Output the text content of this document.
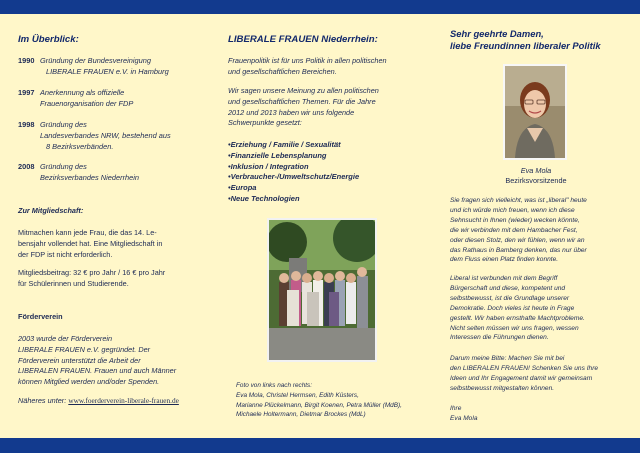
Im Überblick:
1990 Gründung der Bundesvereinigung
LIBERALE FRAUEN e.V. in Hamburg
1997 Anerkennung als offizielle
Frauenorganisation der FDP
1998 Gründung des
Landesverbandes NRW, bestehend aus
8 Bezirksverbänden.
2008 Gründung des
Bezirksverbandes Niederrhein

Zur Mitgliedschaft:

Mitmachen kann jede Frau, die das 14. Le-
bensjahr vollendet hat. Eine Mitgliedschaft in
der FDP ist nicht erforderlich.

Mitgliedsbeitrag: 32 € pro Jahr / 16 € pro Jahr
für Schülerinnen und Studierende.

Förderverein

2003 wurde der Förderverein
LIBERALE FRAUEN e.V. gegründet. Der
Förderverein unterstützt die Arbeit der
LIBERALEN FRAUEN. Frauen und auch Männer
können Mitglied werden und/oder Spenden.

Näheres unter: www.foerderverein-liberale-frauen.de

LIBERALE FRAUEN Niederrhein:

Frauenpolitik ist für uns Politik in allen politischen
und gesellschaftlichen Bereichen.

Wir sagen unsere Meinung zu allen politischen
und gesellschaftlichen Themen. Für die Jahre
2012 und 2013 haben wir uns folgende
Schwerpunkte gesetzt:

• Erziehung / Familie / Sexualität
• Finanzielle Lebensplanung
• Inklusion / Integration
• Verbraucher-/Umweltschutz/Energie
• Europa
• Neue Technologien

Foto von links nach rechts:
Eva Mola, Christel Hermsen, Edith Küsters,
Marianne Plückelmann, Birgit Koenen, Petra Müller (MdB),
Michaele Holtermann, Dietmar Brockes (MdL)

Sehr geehrte Damen,
liebe Freundinnen liberaler Politik

Eva Mola

Bezirksvorsitzende

Sie fragen sich vielleicht, was ist „liberal" heute
und ich würde mich freuen, wenn ich diese
Sehnsucht in Ihnen (wieder) wecken könnte,
die wir verbinden mit dem Hambacher Fest,
oder diesen Stolz, den wir fühlen, wenn wir an
das Rathaus in Bamberg denken, das nur über
dem Fluss einen Platz finden konnte.

Liberal ist verbunden mit dem Begriff
Bürgerschaft und diese, kompetent und
selbstbewusst, ist die Grundlage unserer
Demokratie. Doch vieles ist heute in Frage
gestellt. Wir haben ernsthafte Machtprobleme.
Nicht selten müssen wir uns fragen, wessen
Interessen die Führungen dienen.

Darum meine Bitte: Machen Sie mit bei
den LIBERALEN FRAUEN! Schenken Sie uns Ihre
Ideen und Ihr Engagement damit wir gemeinsam
selbstbewusst mitgestalten können.

Ihre
Eva Mola
